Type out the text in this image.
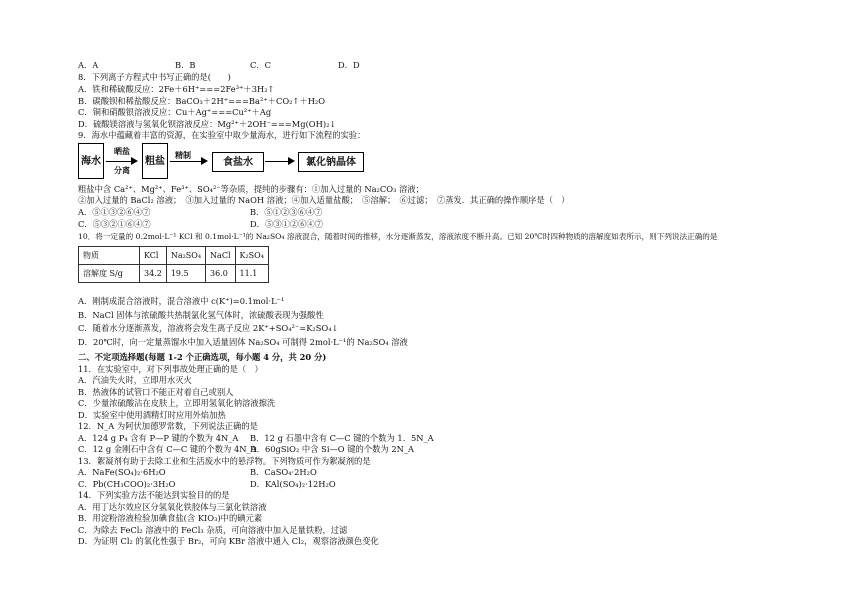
A．A	B．B	C．C	D．D
8．下列离子方程式中书写正确的是(　　)
A．铁和稀硫酸反应：2Fe＋6H⁺===2Fe³⁺＋3H₂↑
B．碳酸钡和稀盐酸反应：BaCO₃＋2H⁺===Ba²⁺＋CO₂↑＋H₂O
C．铜和硝酸银溶液反应：Cu＋Ag⁺===Cu²⁺＋Ag
D．硫酸镁溶液与氢氧化钡溶液反应：Mg²⁺＋2OH⁻===Mg(OH)₂↓
9．海水中蕴藏着丰富的资源，在实验室中取少量海水，进行如下流程的实验：
海水
晒盐
分离
粗盐	精制
食盐水	氯化钠晶体
粗盐中含 Ca²⁺、Mg²⁺、Fe³⁺、SO₄²⁻等杂质，提纯的步骤有：①加入过量的 Na₂CO₃ 溶液；
②加入过量的 BaCl₂ 溶液；　③加入过量的 NaOH 溶液；④加入适量盐酸；　⑤溶解；　⑥过滤；　⑦蒸发．其正确的操作顺序是（　）
A．⑤①③②⑥④⑦	B．⑤①②③⑥④⑦
C．⑤③②①⑥④⑦	D．⑤③①②⑥④⑦
10．将一定量的 0.2mol·L⁻¹ KCl 和 0.1mol·L⁻¹的 Na₂SO₄ 溶液混合，随着时间的推移，水分逐渐蒸发，溶液浓度不断升高。已知 20℃时四种物质的溶解度如表所示，则下列说法正确的是
物质	KCl	Na₂SO₄	NaCl	K₂SO₄
溶解度 S/g	34.2	19.5	36.0	11.1
A．刚制成混合溶液时，混合溶液中 c(K⁺)=0.1mol·L⁻¹
B．NaCl 固体与浓硫酸共热制氯化氢气体时，浓硫酸表现为强酸性
C．随着水分逐渐蒸发，溶液将会发生离子反应 2K⁺+SO₄²⁻=K₂SO₄↓
D．20℃时，向一定量蒸馏水中加入适量固体 Na₂SO₄ 可制得 2mol·L⁻¹的 Na₂SO₄ 溶液
二、不定项选择题(每题 1-2 个正确选项，每小题 4 分，共 20 分)
11．在实验室中，对下列事故处理正确的是（　）
A．汽油失火时，立即用水灭火
B．热液体的试管口不能正对着自己或别人
C．少量浓硫酸沾在皮肤上，立即用氢氧化钠溶液擦洗
D．实验室中使用酒精灯时应用外焰加热
12．N_A 为阿伏加德罗常数，下列说法正确的是
A．124 g P₄ 含有 P—P 键的个数为 4N_A B．12 g 石墨中含有 C—C 键的个数为 1．5N_A
C．12 g 金刚石中含有 C—C 键的个数为 4N_A
D．60gSiO₂ 中含 Si—O 键的个数为 2N_A
13．絮凝剂有助于去除工业和生活废水中的悬浮物。下列物质可作为絮凝剂的是
A．NaFe(SO₄)₂·6H₂O	B．CaSO₄·2H₂O
C．Pb(CH₃COO)₂·3H₂O	D．KAl(SO₄)₂·12H₂O
14．下列实验方法不能达到实验目的的是
A．用丁达尔效应区分氢氧化铁胶体与三氯化铁溶液
B．用淀粉溶液检验加碘食盐(含 KIO₃)中的碘元素
C．为除去 FeCl₂ 溶液中的 FeCl₃ 杂质，可向溶液中加入足量铁粉，过滤
D．为证明 Cl₂ 的氧化性强于 Br₂，可向 KBr 溶液中通入 Cl₂，观察溶液颜色变化
